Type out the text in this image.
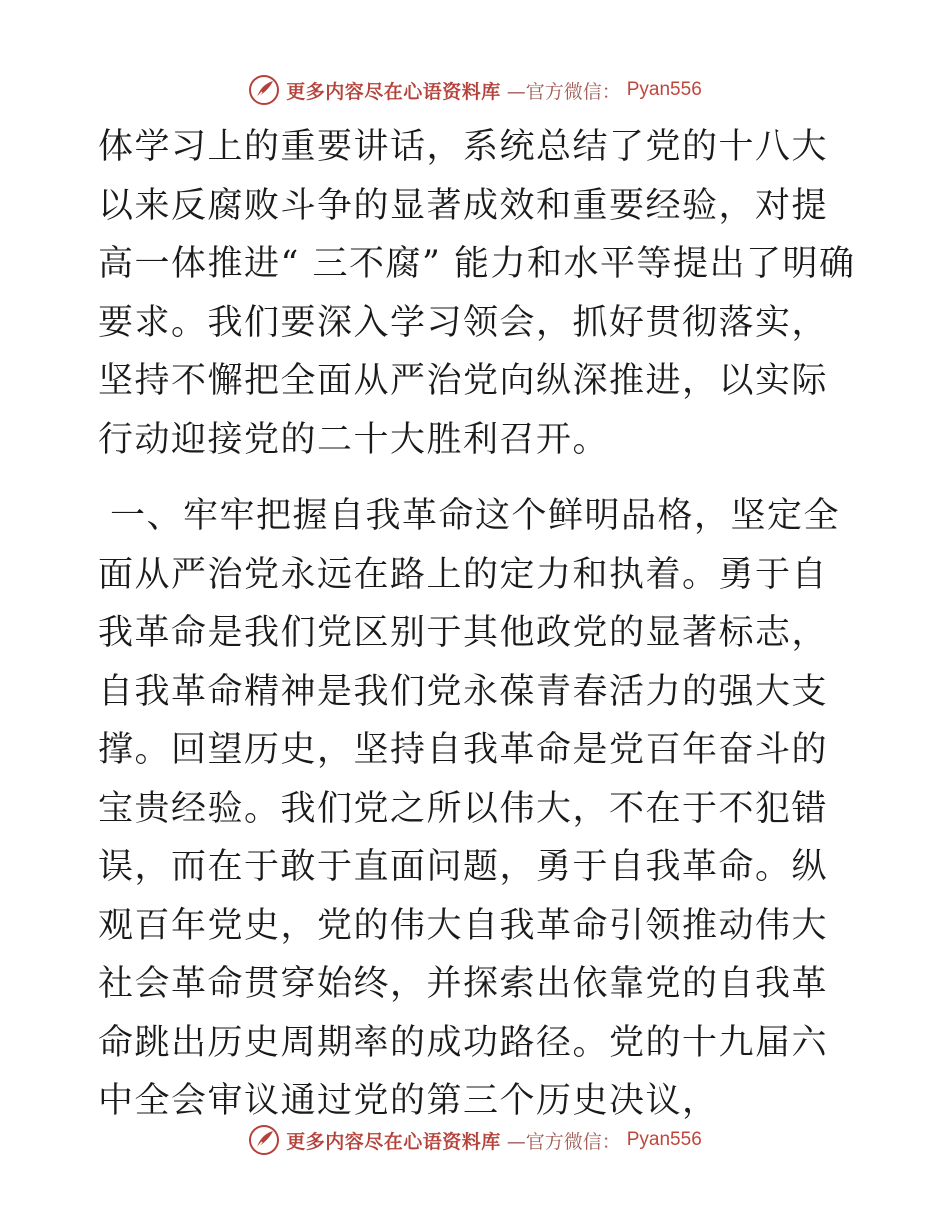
更多内容尽在心语资料库 —官方微信： Pyan556

体学习上的重要讲话，系统总结了党的十八大以来反腐败斗争的显著成效和重要经验，对提高一体推进“ 三不腐” 能力和水平等提出了明确要求。我们要深入学习领会，抓好贯彻落实，坚持不懈把全面从严治党向纵深推进，以实际行动迎接党的二十大胜利召开。

一、牢牢把握自我革命这个鲜明品格，坚定全面从严治党永远在路上的定力和执着。勇于自我革命是我们党区别于其他政党的显著标志，自我革命精神是我们党永葆青春活力的强大支撑。回望历史，坚持自我革命是党百年奋斗的宝贵经验。我们党之所以伟大，不在于不犯错误，而在于敢于直面问题，勇于自我革命。纵观百年党史，党的伟大自我革命引领推动伟大社会革命贯穿始终，并探索出依靠党的自我革命跳出历史周期率的成功路径。党的十九届六中全会审议通过党的第三个历史决议，

更多内容尽在心语资料库 —官方微信： Pyan556
